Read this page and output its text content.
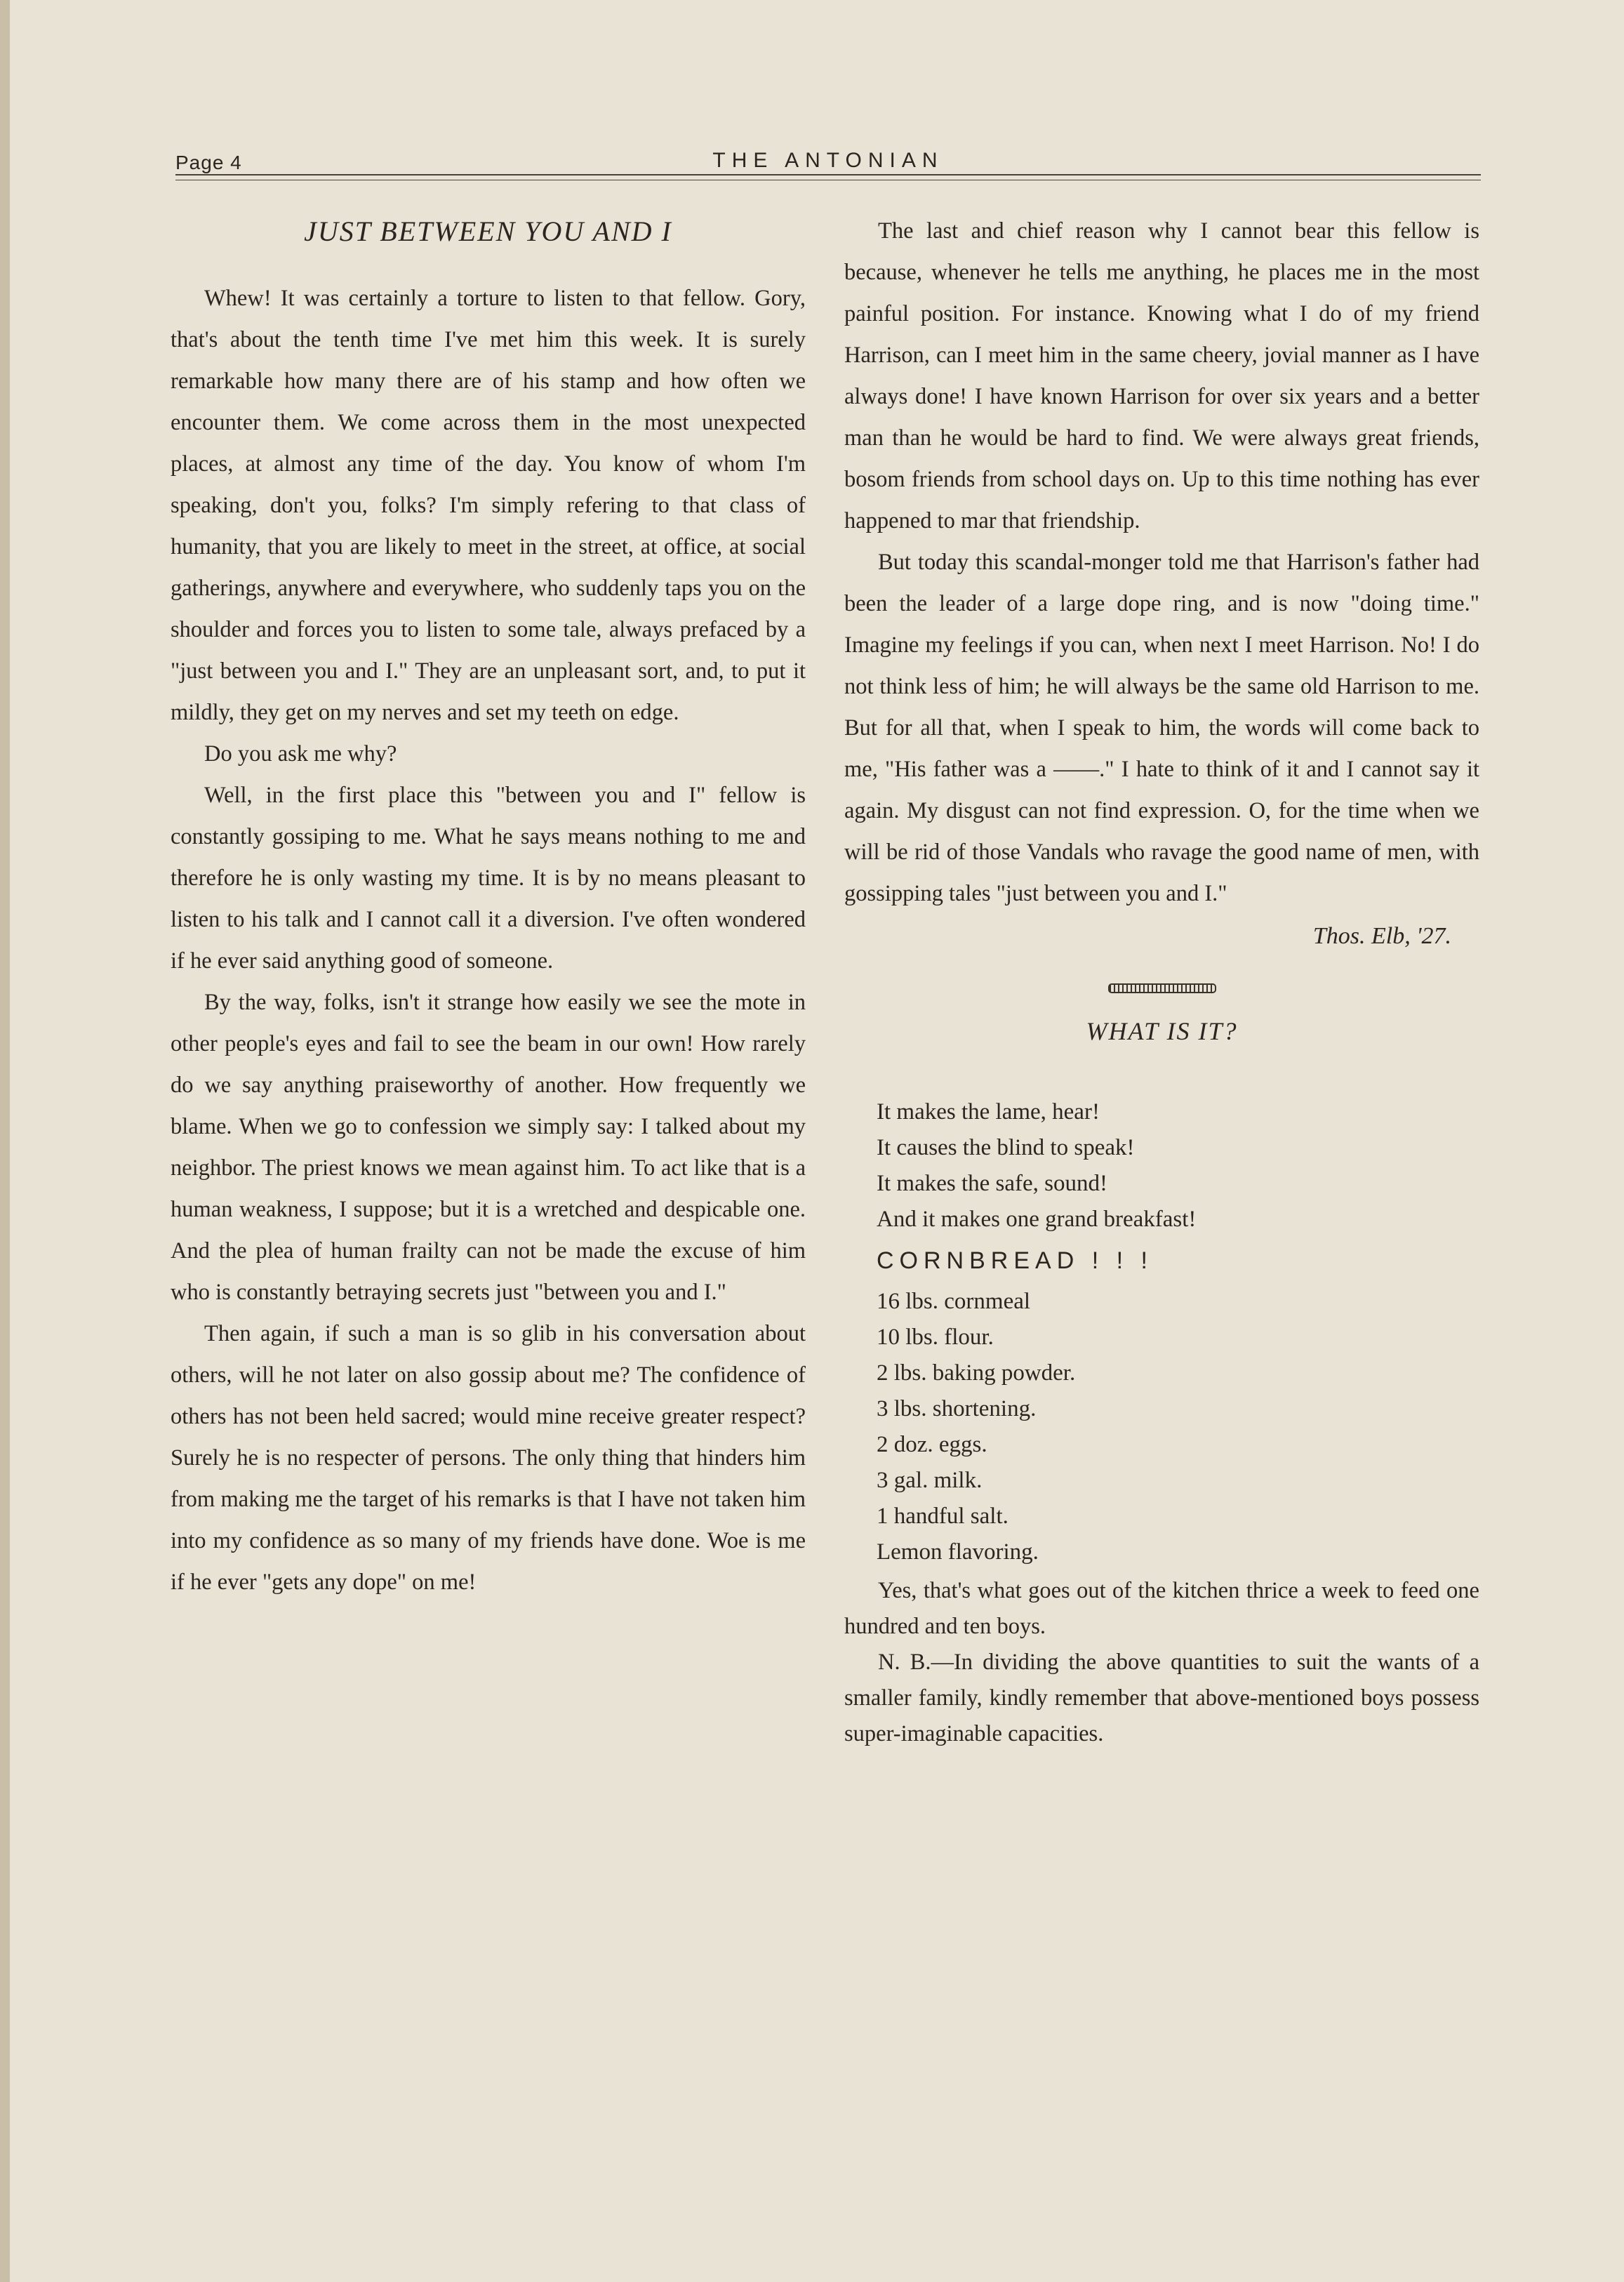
Page 4	THE ANTONIAN
JUST BETWEEN YOU AND I

Whew! It was certainly a torture to listen to that fellow. Gory, that's about the tenth time I've met him this week. It is surely remarkable how many there are of his stamp and how often we encounter them. We come across them in the most unexpected places, at almost any time of the day. You know of whom I'm speaking, don't you, folks? I'm simply refering to that class of humanity, that you are likely to meet in the street, at office, at social gatherings, anywhere and everywhere, who suddenly taps you on the shoulder and forces you to listen to some tale, always prefaced by a "just between you and I." They are an unpleasant sort, and, to put it mildly, they get on my nerves and set my teeth on edge.

Do you ask me why?

Well, in the first place this "between you and I" fellow is constantly gossiping to me. What he says means nothing to me and therefore he is only wasting my time. It is by no means pleasant to listen to his talk and I cannot call it a diversion. I've often wondered if he ever said anything good of someone.

By the way, folks, isn't it strange how easily we see the mote in other people's eyes and fail to see the beam in our own! How rarely do we say anything praiseworthy of another. How frequently we blame. When we go to confession we simply say: I talked about my neighbor. The priest knows we mean against him. To act like that is a human weakness, I suppose; but it is a wretched and despicable one. And the plea of human frailty can not be made the excuse of him who is constantly betraying secrets just "between you and I."

Then again, if such a man is so glib in his conversation about others, will he not later on also gossip about me? The confidence of others has not been held sacred; would mine receive greater respect? Surely he is no respecter of persons. The only thing that hinders him from making me the target of his remarks is that I have not taken him into my confidence as so many of my friends have done. Woe is me if he ever "gets any dope" on me!

The last and chief reason why I cannot bear this fellow is because, whenever he tells me anything, he places me in the most painful position. For instance. Knowing what I do of my friend Harrison, can I meet him in the same cheery, jovial manner as I have always done! I have known Harrison for over six years and a better man than he would be hard to find. We were always great friends, bosom friends from school days on. Up to this time nothing has ever happened to mar that friendship.

But today this scandal-monger told me that Harrison's father had been the leader of a large dope ring, and is now "doing time." Imagine my feelings if you can, when next I meet Harrison. No! I do not think less of him; he will always be the same old Harrison to me. But for all that, when I speak to him, the words will come back to me, "His father was a ——." I hate to think of it and I cannot say it again. My disgust can not find expression. O, for the time when we will be rid of those Vandals who ravage the good name of men, with gossipping tales "just between you and I."

Thos. Elb, '27.
WHAT IS IT?
It makes the lame, hear!
It causes the blind to speak!
It makes the safe, sound!
And it makes one grand breakfast!
CORNBREAD ! ! !
16 lbs. cornmeal
10 lbs. flour.
2 lbs. baking powder.
3 lbs. shortening.
2 doz. eggs.
3 gal. milk.
1 handful salt.
Lemon flavoring.

Yes, that's what goes out of the kitchen thrice a week to feed one hundred and ten boys.

N. B.—In dividing the above quantities to suit the wants of a smaller family, kindly remember that above-mentioned boys possess super-imaginable capacities.
